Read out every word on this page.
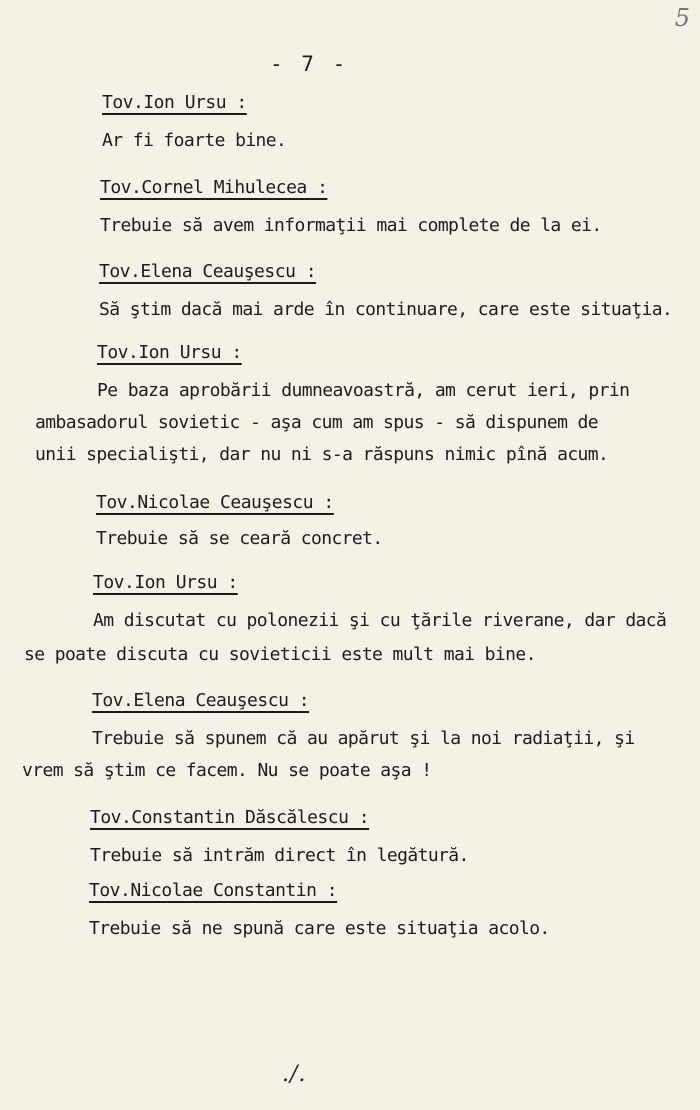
5
- 7 -
Tov.Ion Ursu :
Ar fi foarte bine.
Tov.Cornel Mihulecea :
Trebuie să avem informaţii mai complete de la ei.
Tov.Elena Ceauşescu :
Să ştim dacă mai arde în continuare, care este situaţia.
Tov.Ion Ursu :
Pe baza aprobării dumneavoastră, am cerut ieri, prin
ambasadorul sovietic - aşa cum am spus - să dispunem de
unii specialişti, dar nu ni s-a răspuns nimic pînă acum.
Tov.Nicolae Ceauşescu :
Trebuie să se ceară concret.
Tov.Ion Ursu :
Am discutat cu polonezii şi cu ţările riverane, dar dacă
se poate discuta cu sovieticii este mult mai bine.
Tov.Elena Ceauşescu :
Trebuie să spunem că au apărut şi la noi radiaţii, şi
vrem să ştim ce facem. Nu se poate aşa !
Tov.Constantin Dăscălescu :
Trebuie să intrăm direct în legătură.
Tov.Nicolae Constantin :
Trebuie să ne spună care este situaţia acolo.
./.
